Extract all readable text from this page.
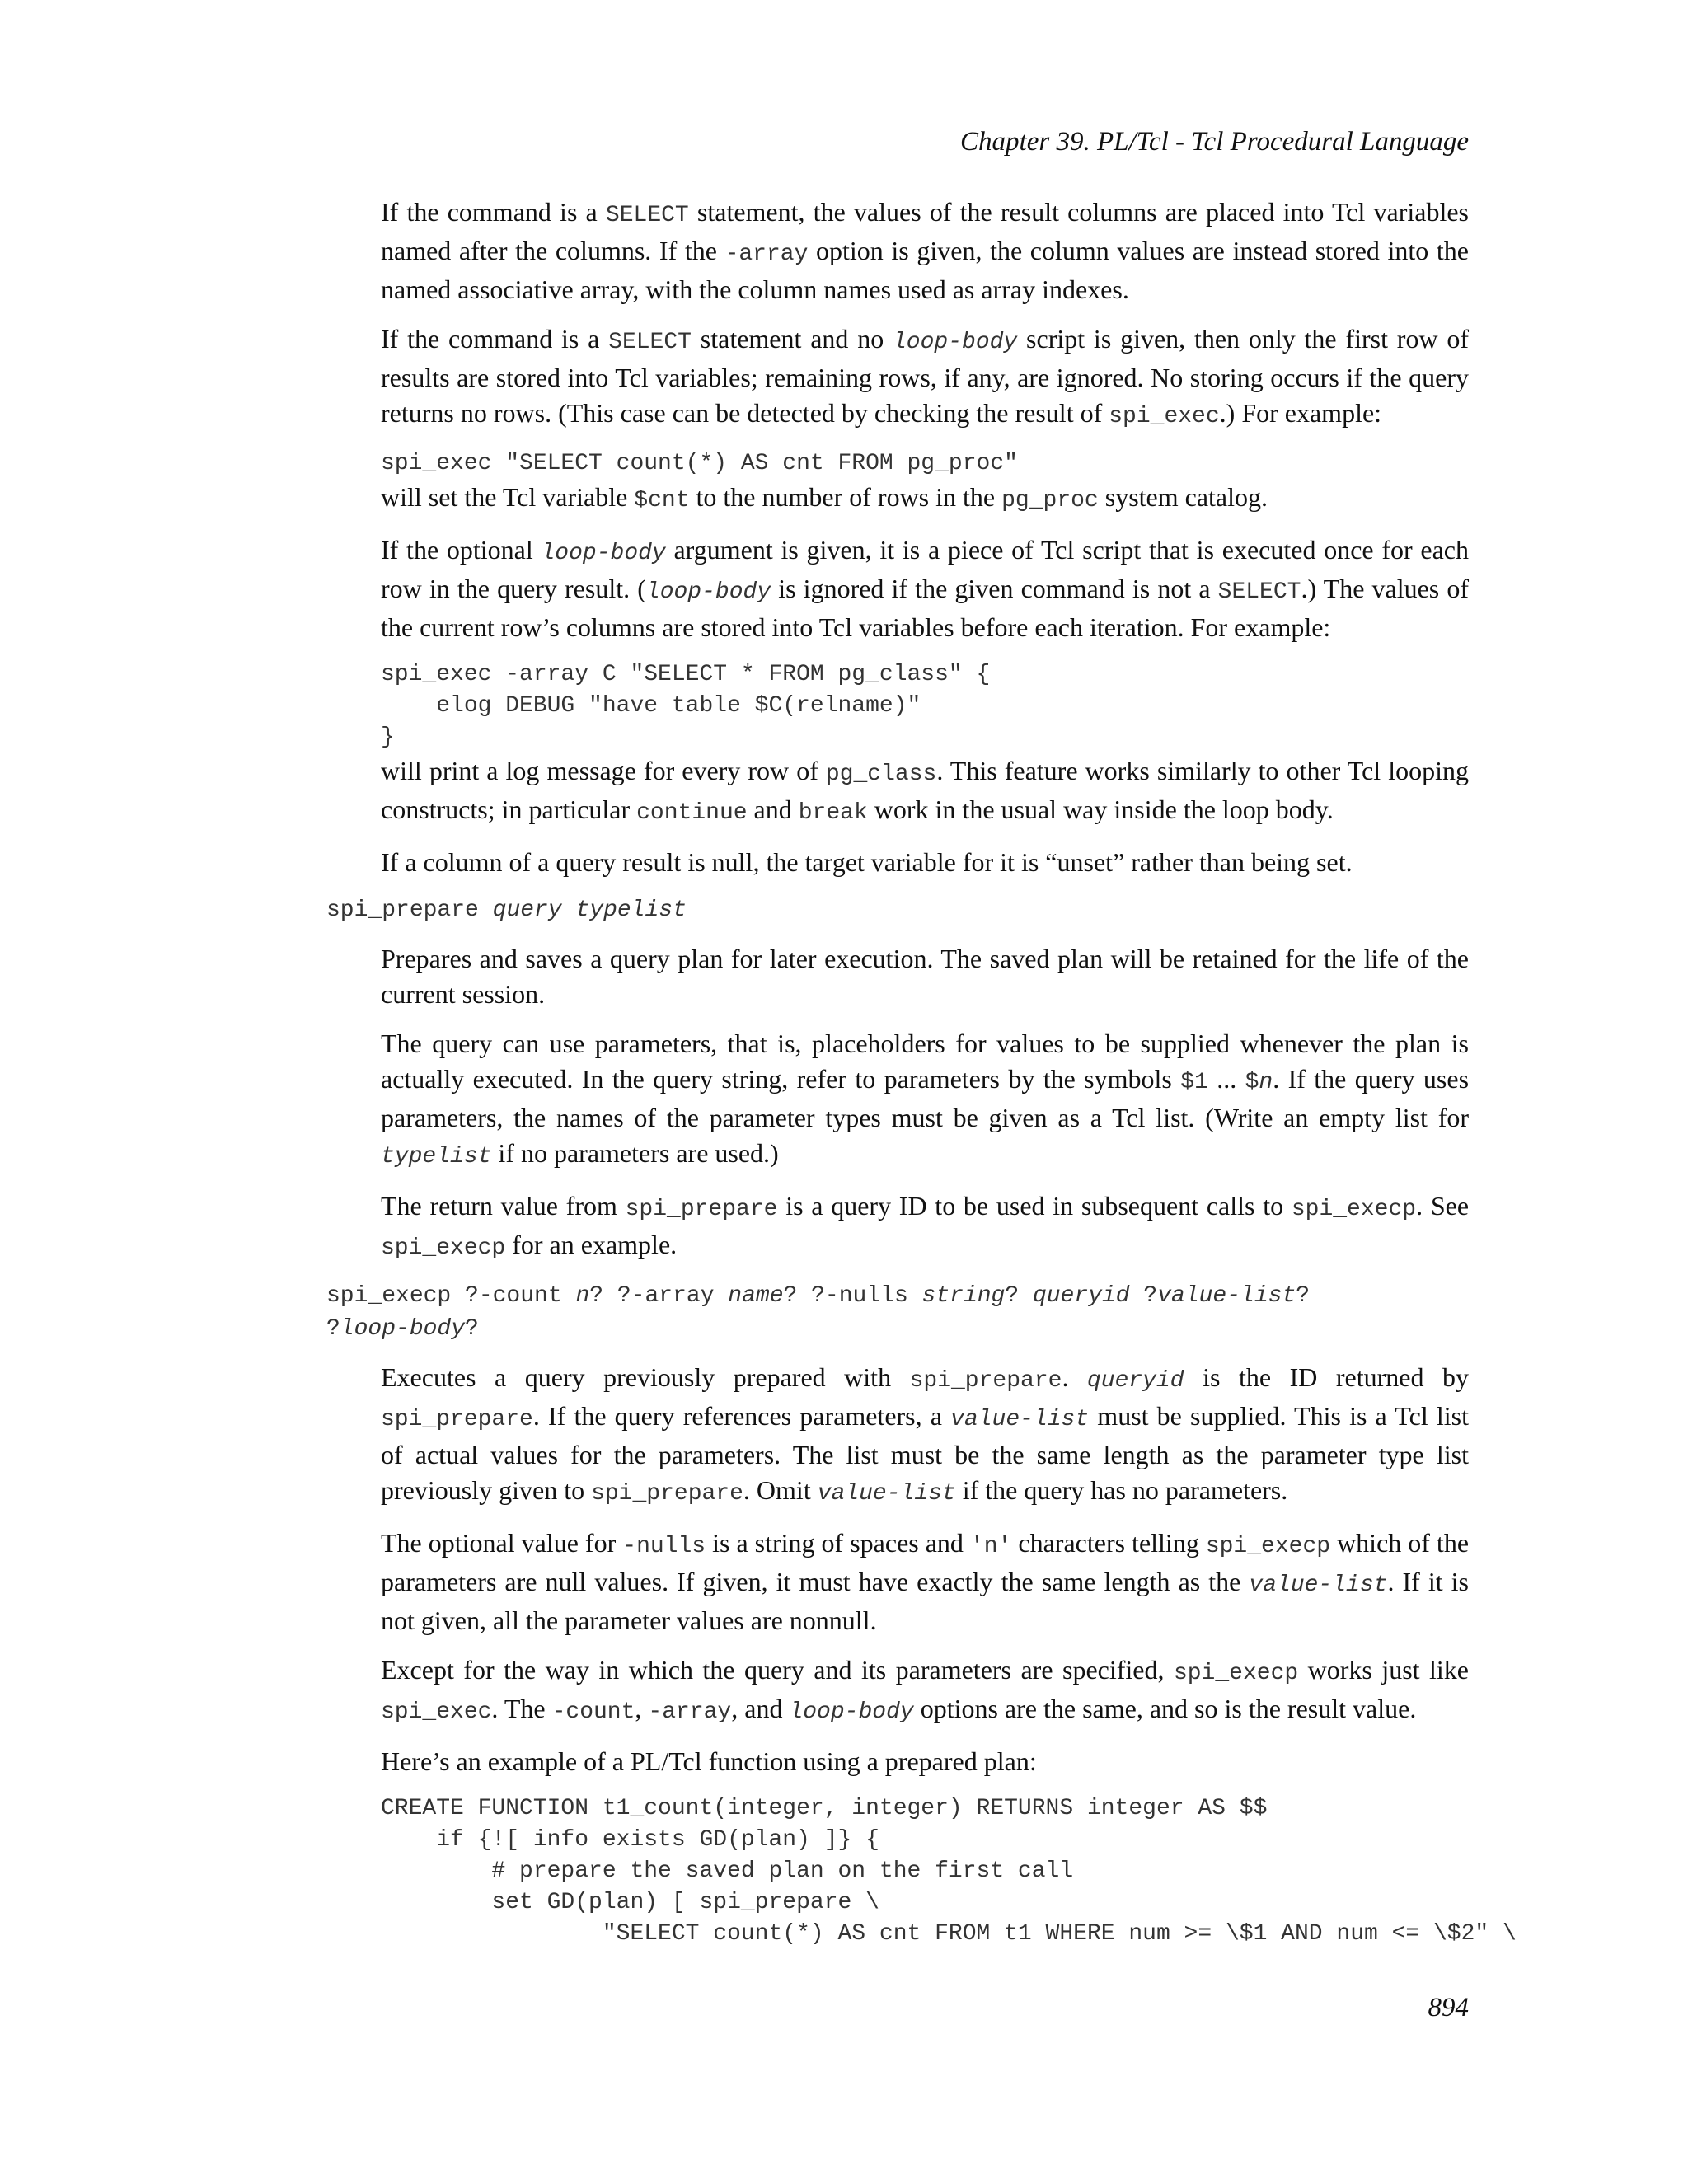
Chapter 39. PL/Tcl - Tcl Procedural Language

If the command is a SELECT statement, the values of the result columns are placed into Tcl variables named after the columns. If the -array option is given, the column values are instead stored into the named associative array, with the column names used as array indexes.

If the command is a SELECT statement and no loop-body script is given, then only the first row of results are stored into Tcl variables; remaining rows, if any, are ignored. No storing occurs if the query returns no rows. (This case can be detected by checking the result of spi_exec.) For example:

spi_exec "SELECT count(*) AS cnt FROM pg_proc"

will set the Tcl variable $cnt to the number of rows in the pg_proc system catalog.

If the optional loop-body argument is given, it is a piece of Tcl script that is executed once for each row in the query result. (loop-body is ignored if the given command is not a SELECT.) The values of the current row’s columns are stored into Tcl variables before each iteration. For example:

spi_exec -array C "SELECT * FROM pg_class" {
elog DEBUG "have table $C(relname)"
}

will print a log message for every row of pg_class. This feature works similarly to other Tcl looping constructs; in particular continue and break work in the usual way inside the loop body.

If a column of a query result is null, the target variable for it is “unset” rather than being set.

spi_prepare query typelist

Prepares and saves a query plan for later execution. The saved plan will be retained for the life of the current session.

The query can use parameters, that is, placeholders for values to be supplied whenever the plan is actually executed. In the query string, refer to parameters by the symbols $1 ... $n. If the query uses parameters, the names of the parameter types must be given as a Tcl list. (Write an empty list for typelist if no parameters are used.)

The return value from spi_prepare is a query ID to be used in subsequent calls to spi_execp. See spi_execp for an example.

spi_execp ?-count n? ?-array name? ?-nulls string? queryid ?value-list?
?loop-body?

Executes a query previously prepared with spi_prepare. queryid is the ID returned by spi_prepare. If the query references parameters, a value-list must be supplied. This is a Tcl list of actual values for the parameters. The list must be the same length as the parameter type list previously given to spi_prepare. Omit value-list if the query has no parameters.

The optional value for -nulls is a string of spaces and 'n' characters telling spi_execp which of the parameters are null values. If given, it must have exactly the same length as the value-list. If it is not given, all the parameter values are nonnull.

Except for the way in which the query and its parameters are specified, spi_execp works just like spi_exec. The -count, -array, and loop-body options are the same, and so is the result value.

Here’s an example of a PL/Tcl function using a prepared plan:

CREATE FUNCTION t1_count(integer, integer) RETURNS integer AS $$
if {![ info exists GD(plan) ]} {
# prepare the saved plan on the first call
set GD(plan) [ spi_prepare \
"SELECT count(*) AS cnt FROM t1 WHERE num >= \$1 AND num <= \$2" \
894
